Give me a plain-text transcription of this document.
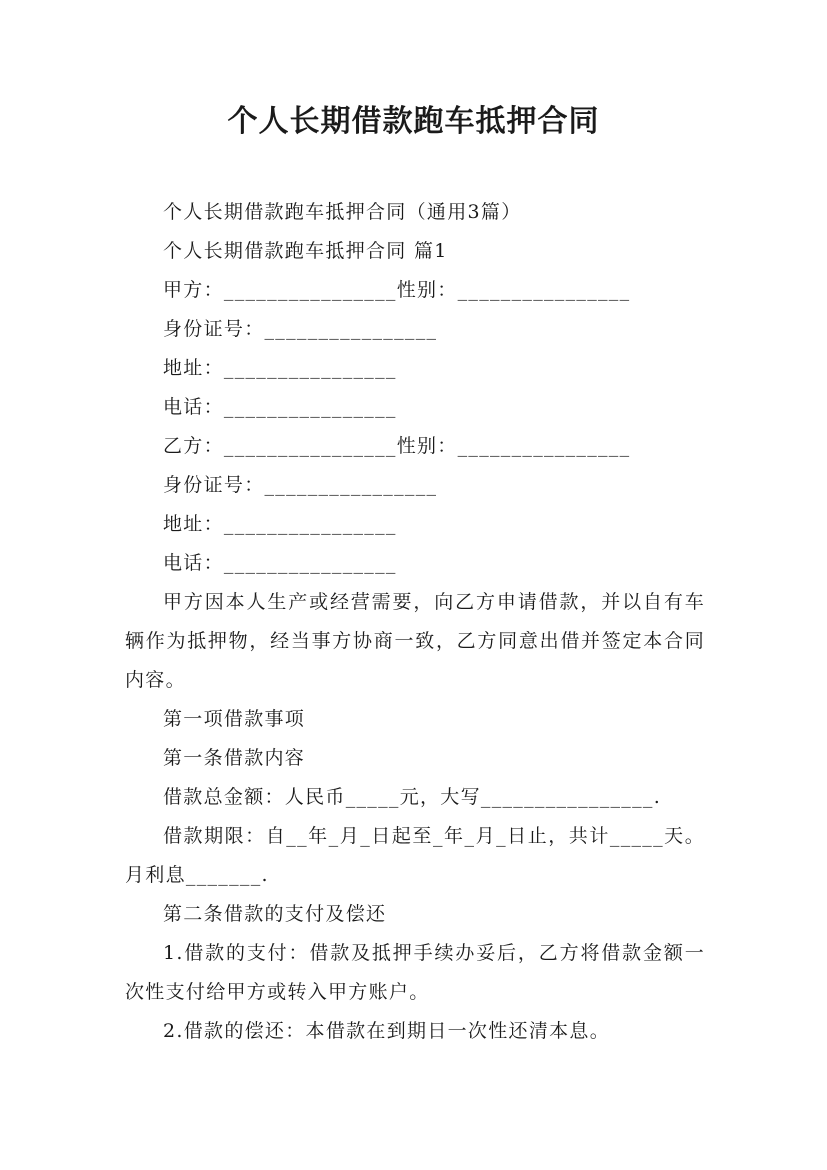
个人长期借款跑车抵押合同

个人长期借款跑车抵押合同（通用3篇）

个人长期借款跑车抵押合同 篇1

甲方：________________性别：________________

身份证号：________________

地址：________________

电话：________________

乙方：________________性别：________________

身份证号：________________

地址：________________

电话：________________

甲方因本人生产或经营需要，向乙方申请借款，并以自有车辆作为抵押物，经当事方协商一致，乙方同意出借并签定本合同内容。

第一项借款事项

第一条借款内容

借款总金额：人民币_____元，大写________________.

借款期限：自__年_月_日起至_年_月_日止，共计_____天。月利息_______.

第二条借款的支付及偿还

1.借款的支付：借款及抵押手续办妥后，乙方将借款金额一次性支付给甲方或转入甲方账户。

2.借款的偿还：本借款在到期日一次性还清本息。
